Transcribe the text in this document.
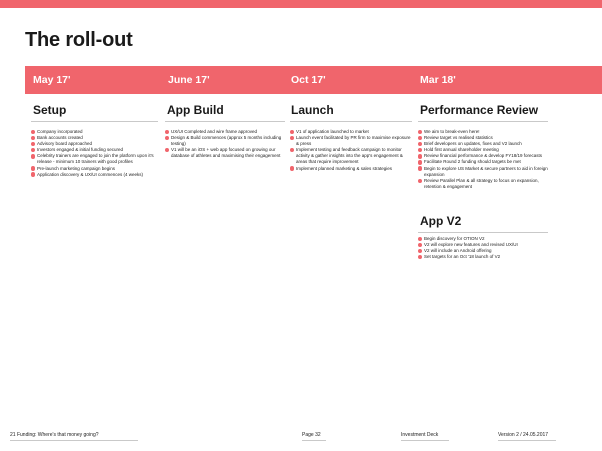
The roll-out
May 17'	June 17'	Oct 17'	Mar 18'
Setup
Company incorporated
Bank accounts created
Advisory board approached
Investors engaged & initial funding secured
Celebrity trainers are engaged to join the platform upon it's release - minimum 10 trainers with good profiles
Pre-launch marketing campaign begins
Application discovery & UX/UI commences (4 weeks)
App Build
UX/UI Completed and wire frame approved
Design & Build commences (approx 5 months including testing)
V1 will be an iOS + web app focused on growing our database of athletes and maximising their engagement
Launch
V1 of application launched to market
Launch event facilitated by PR firm to maximise exposure & press
Implement testing and feedback campaign to monitor activity & gather insights into the app's engagement & areas that require improvement
Implement planned marketing & sales strategies
Performance Review
We aim to break-even here!
Review target vs realised statistics
Brief developers on updates, fixes and V2 launch
Hold first annual shareholder meeting
Review financial performance & develop FY18/19 forecasts
Facilitate Round 2 funding should targets be met
Begin to explore US Market & secure partners to aid in foreign expansion
Review Parallel Plan & all strategy to focus on expansion, retention & engagement
App V2
Begin discovery for OTION V2
V2 will explore new features and revised UX/UI
V2 will include an Android offering
Set targets for an Oct '18 launch of V2
21 Funding: Where's that money going?	Page 32	Investment Deck	Version 2 / 24.05.2017
